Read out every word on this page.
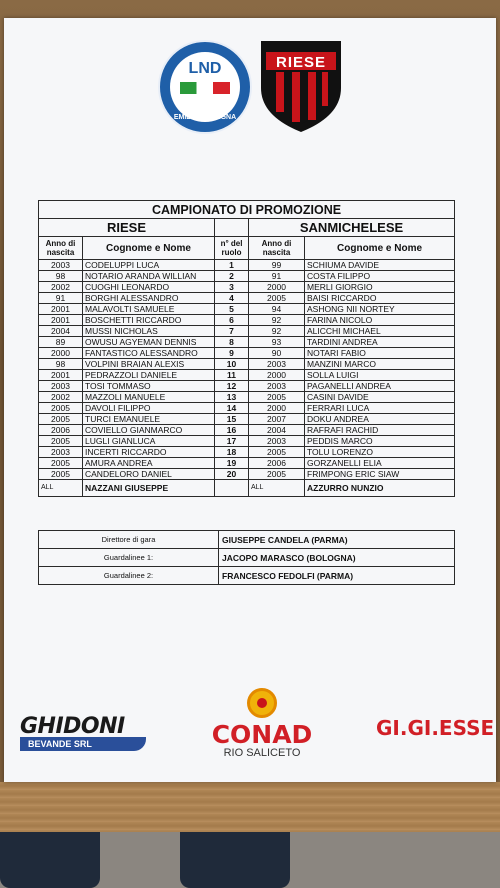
LND
EMILIA ROMAGNA
RIESE
CAMPIONATO DI PROMOZIONE				
RIESE			SANMICHELESE	
Anno di nascita	Cognome e Nome	n° del ruolo	Anno di nascita	Cognome e Nome
2003	CODELUPPI LUCA	1	99	SCHIUMA DAVIDE
98	NOTARIO ARANDA WILLIAN	2	91	COSTA FILIPPO
2002	CUOGHI LEONARDO	3	2000	MERLI GIORGIO
91	BORGHI ALESSANDRO	4	2005	BAISI RICCARDO
2001	MALAVOLTI SAMUELE	5	94	ASHONG NII NORTEY
2001	BOSCHETTI RICCARDO	6	92	FARINA NICOLO
2004	MUSSI NICHOLAS	7	92	ALICCHI MICHAEL
89	OWUSU AGYEMAN DENNIS	8	93	TARDINI ANDREA
2000	FANTASTICO ALESSANDRO	9	90	NOTARI FABIO
98	VOLPINI BRAIAN ALEXIS	10	2003	MANZINI MARCO
2001	PEDRAZZOLI DANIELE	11	2000	SOLLA LUIGI
2003	TOSI TOMMASO	12	2003	PAGANELLI ANDREA
2002	MAZZOLI MANUELE	13	2005	CASINI DAVIDE
2005	DAVOLI FILIPPO	14	2000	FERRARI LUCA
2005	TURCI EMANUELE	15	2007	DOKU ANDREA
2006	COVIELLO GIANMARCO	16	2004	RAFRAFI RACHID
2005	LUGLI GIANLUCA	17	2003	PEDDIS MARCO
2003	INCERTI RICCARDO	18	2005	TOLU LORENZO
2005	AMURA ANDREA	19	2006	GORZANELLI ELIA
2005	CANDELORO DANIEL	20	2005	FRIMPONG ERIC SIAW
ALL	NAZZANI GIUSEPPE		ALL	AZZURRO NUNZIO
Direttore di gara	GIUSEPPE CANDELA (PARMA)
Guardalinee 1:	JACOPO MARASCO (BOLOGNA)
Guardalinee 2:	FRANCESCO FEDOLFI (PARMA)
GHIDONI
BEVANDE SRL	CONAD
RIO SALICETO
GI.GI.ESSE
